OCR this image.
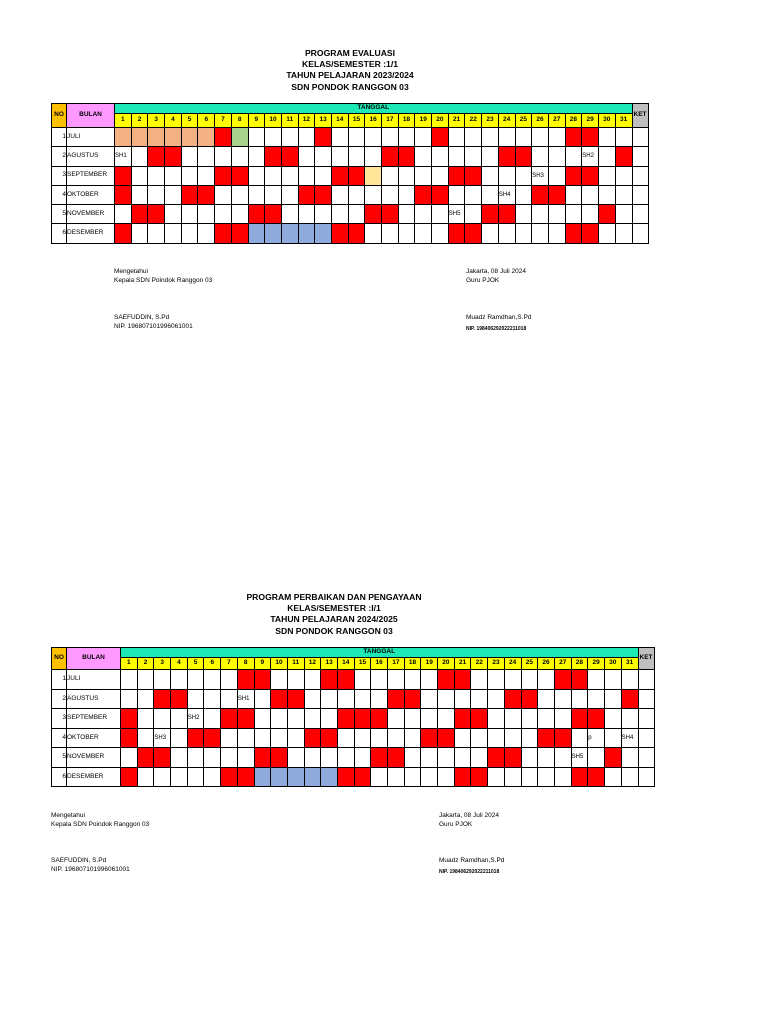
PROGRAM EVALUASI
KELAS/SEMESTER :1/1
TAHUN PELAJARAN 2023/2024
SDN PONDOK RANGGON 03
NO	BULAN	TANGGAL																															KET
		1	2	3	4	5	6	7	8	9	10	11	12	13	14	15	16	17	18	19	20	21	22	23	24	25	26	27	28	29	30	31	
1	JULI																																
2	AGUSTUS	SH1																												SH2			

3	SEPTEMBER																										SH3						

4	OKTOBER																								SH4								

5	NOVEMBER																					SH5											

6	DESEMBER																																
Mengetahui
Kepala SDN Poindok Ranggon 03
SAEFUDDIN, S.Pd
NIP. 196807101996061001
Jakarta, 08 Juli 2024
Guru PJOK
Muadz Ramdhan,S.Pd
NIP. 198406292022211018
PROGRAM PERBAIKAN DAN PENGAYAAN
KELAS/SEMESTER :I/1
TAHUN PELAJARAN 2024/2025
SDN PONDOK RANGGON 03
NO	BULAN	TANGGAL																															KET
		1	2	3	4	5	6	7	8	9	10	11	12	13	14	15	16	17	18	19	20	21	22	23	24	25	26	27	28	29	30	31	
1	JULI																																
2	AGUSTUS								SH1																								

3	SEPTEMBER					SH2																											

4	OKTOBER			SH3																										p		SH4	

5	NOVEMBER																												SH5				

6	DESEMBER																																
Mengetahui
Kepala SDN Poindok Ranggon 03
SAEFUDDIN, S.Pd
NIP. 196807101996061001
Jakarta, 08 Juli 2024
Guru PJOK
Muadz Ramdhan,S.Pd
NIP. 198406292022211018
